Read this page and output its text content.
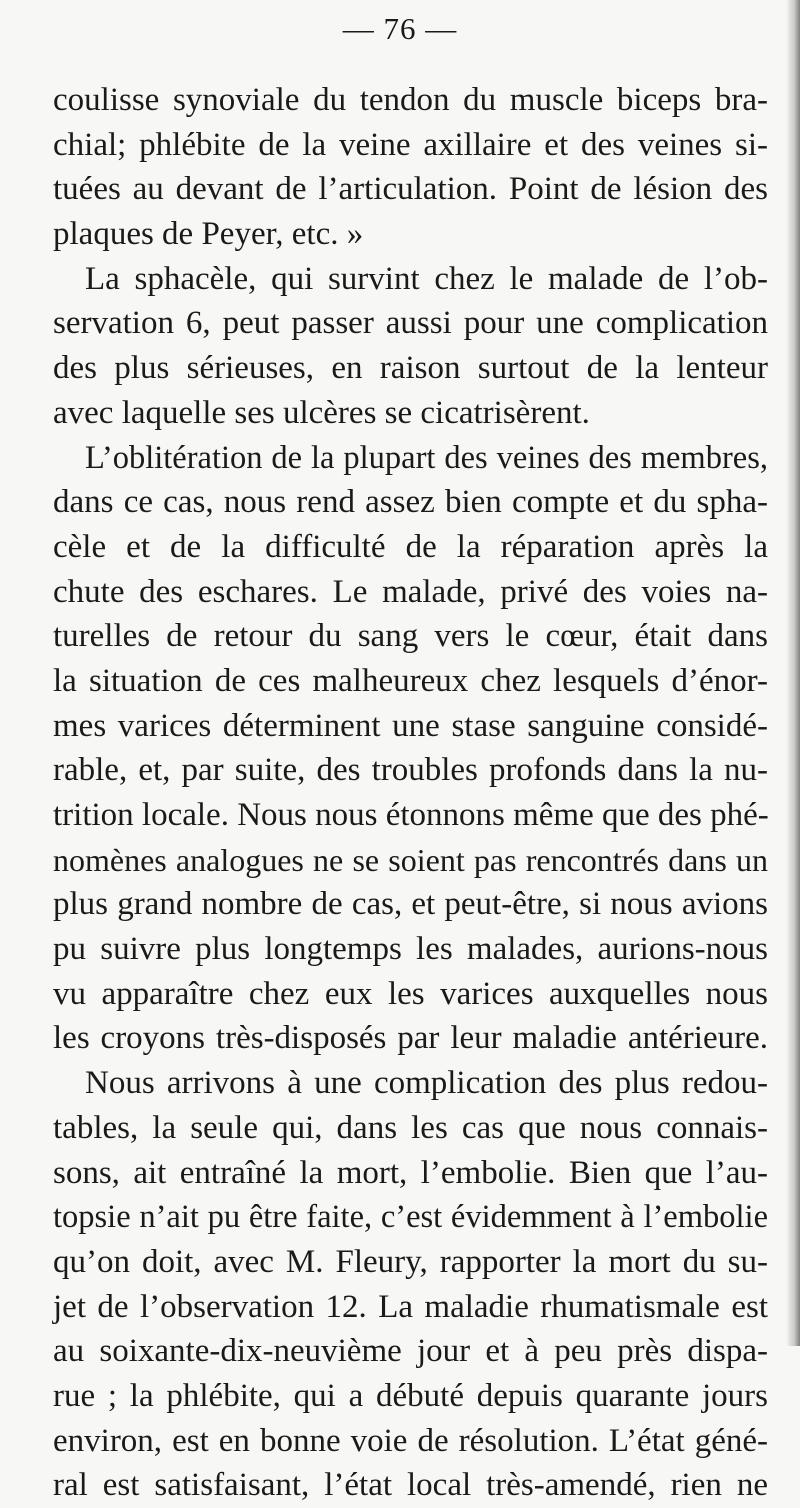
— 76 —
coulisse synoviale du tendon du muscle biceps bra-
chial; phlébite de la veine axillaire et des veines si-
tuées au devant de l’articulation. Point de lésion des
plaques de Peyer, etc. »
La sphacèle, qui survint chez le malade de l’ob-
servation 6, peut passer aussi pour une complication
des plus sérieuses, en raison surtout de la lenteur
avec laquelle ses ulcères se cicatrisèrent.
L’oblitération de la plupart des veines des membres,
dans ce cas, nous rend assez bien compte et du spha-
cèle et de la difficulté de la réparation après la
chute des eschares. Le malade, privé des voies na-
turelles de retour du sang vers le cœur, était dans
la situation de ces malheureux chez lesquels d’énor-
mes varices déterminent une stase sanguine considé-
rable, et, par suite, des troubles profonds dans la nu-
trition locale. Nous nous étonnons même que des phé-
nomènes analogues ne se soient pas rencontrés dans un
plus grand nombre de cas, et peut-être, si nous avions
pu suivre plus longtemps les malades, aurions-nous
vu apparaître chez eux les varices auxquelles nous
les croyons très-disposés par leur maladie antérieure.
Nous arrivons à une complication des plus redou-
tables, la seule qui, dans les cas que nous connais-
sons, ait entraîné la mort, l’embolie. Bien que l’au-
topsie n’ait pu être faite, c’est évidemment à l’embolie
qu’on doit, avec M. Fleury, rapporter la mort du su-
jet de l’observation 12. La maladie rhumatismale est
au soixante-dix-neuvième jour et à peu près dispa-
rue ; la phlébite, qui a débuté depuis quarante jours
environ, est en bonne voie de résolution. L’état géné-
ral est satisfaisant, l’état local très-amendé, rien ne
